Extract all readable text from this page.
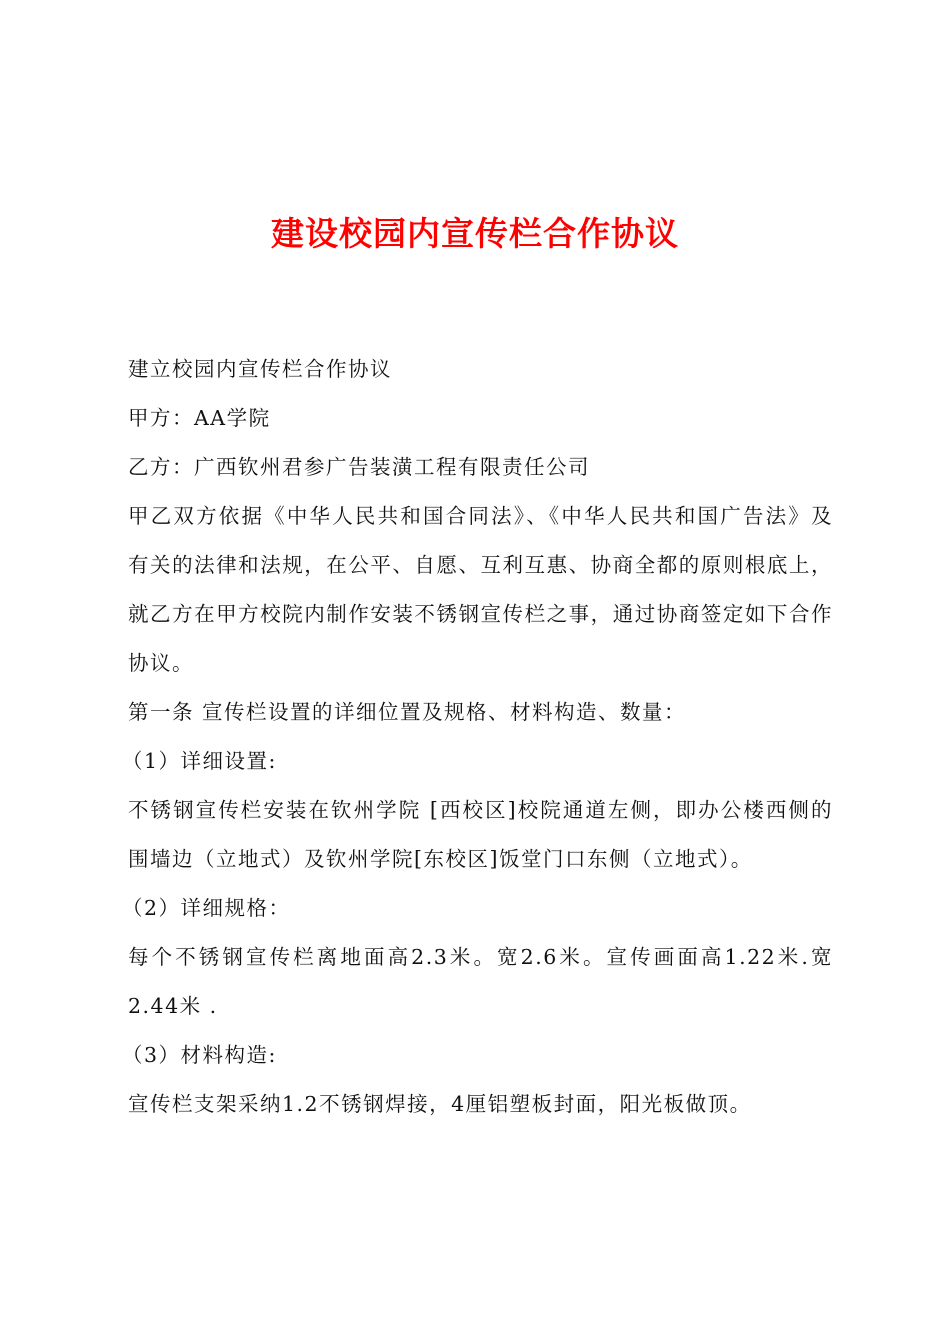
建设校园内宣传栏合作协议

建立校园内宣传栏合作协议

甲方：AA学院

乙方：广西钦州君参广告装潢工程有限责任公司

甲乙双方依据《中华人民共和国合同法》、《中华人民共和国广告法》及有关的法律和法规，在公平、自愿、互利互惠、协商全都的原则根底上，就乙方在甲方校院内制作安装不锈钢宣传栏之事，通过协商签定如下合作协议。

第一条 宣传栏设置的详细位置及规格、材料构造、数量：

（1）详细设置:

不锈钢宣传栏安装在钦州学院 [西校区]校院通道左侧，即办公楼西侧的围墙边（立地式）及钦州学院[东校区]饭堂门口东侧（立地式）。

（2）详细规格：

每个不锈钢宣传栏离地面高2.3米。宽2.6米。宣传画面高1.22米.宽2.44米 .

（3）材料构造:

宣传栏支架采纳1.2不锈钢焊接，4厘铝塑板封面，阳光板做顶。
